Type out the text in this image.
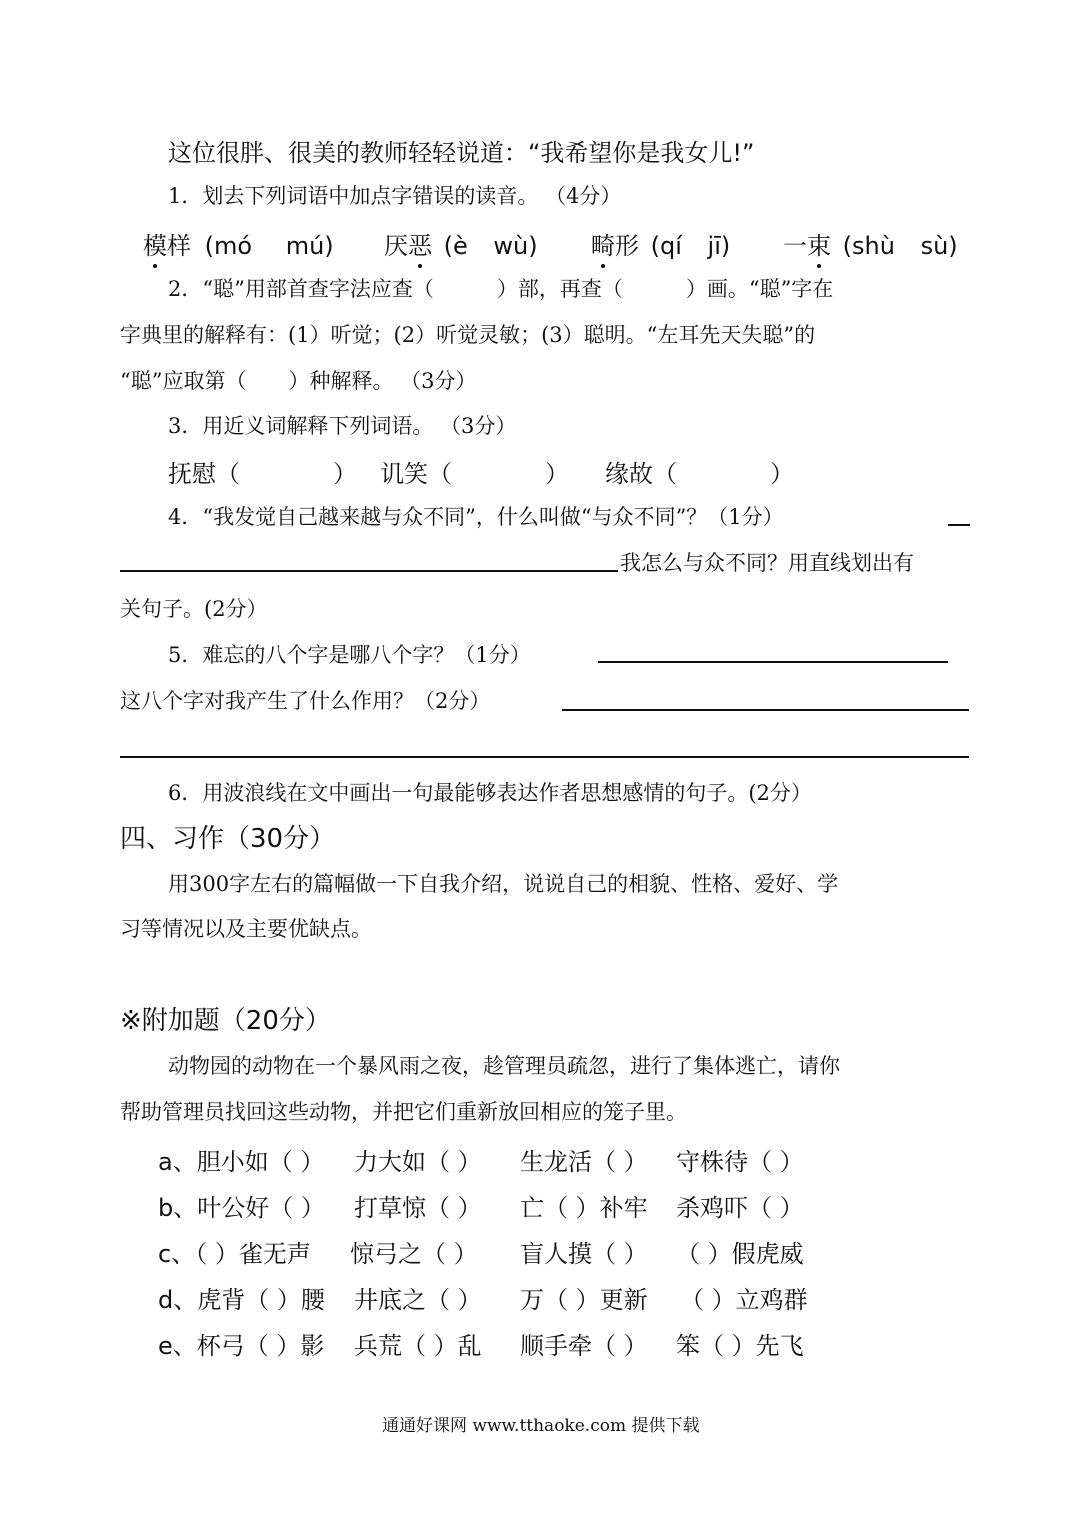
这位很胖、很美的教师轻轻说道：“我希望你是我女儿!”
1．划去下列词语中加点字错误的读音。 （4分）
模样 (mó mú) 厌恶 (è wù) 畸形 (qí jī) 一束 (shù sù)
2．“聪”用部首查字法应查（　　　）部，再查（　　　）画。“聪”字在
字典里的解释有：(1）听觉；(2）听觉灵敏；(3）聪明。“左耳先天失聪”的
“聪”应取第（　　）种解释。 （3分）
3．用近义词解释下列词语。 （3分）
抚慰（	） 讥笑（	） 缘故（	）
4．“我发觉自己越来越与众不同”，什么叫做“与众不同”？（1分）
我怎么与众不同？用直线划出有
关句子。(2分）
5．难忘的八个字是哪八个字？（1分）
这八个字对我产生了什么作用？（2分）
6．用波浪线在文中画出一句最能够表达作者思想感情的句子。(2分）
四、习作（30分）
用300字左右的篇幅做一下自我介绍，说说自己的相貌、性格、爱好、学
习等情况以及主要优缺点。
※附加题（20分）
动物园的动物在一个暴风雨之夜，趁管理员疏忽，进行了集体逃亡，请你
帮助管理员找回这些动物，并把它们重新放回相应的笼子里。
a、胆小如（ ） 力大如（ ） 生龙活（ ） 守株待（ ）
b、叶公好（ ） 打草惊（ ） 亡（ ）补牢 杀鸡吓（ ）
c、（ ）雀无声 惊弓之（ ） 盲人摸（ ） （ ）假虎威
d、虎背（ ）腰 井底之（ ） 万（ ）更新 （ ）立鸡群
e、杯弓（ ）影 兵荒（ ）乱 顺手牵（ ） 笨（ ）先飞
通通好课网 www.tthaoke.com 提供下载
